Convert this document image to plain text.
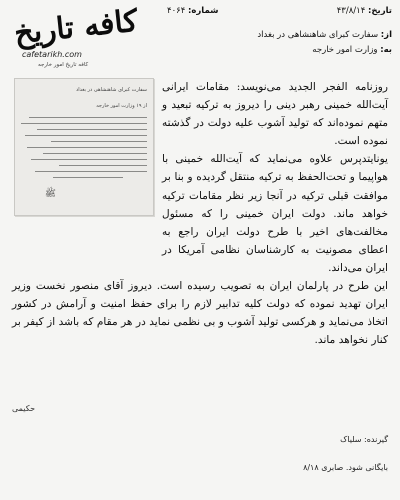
تاریخ: ۴۳/۸/۱۴
شماره: ۴۰۶۴
از: سفارت کبرای شاهنشاهی در بغداد
به: وزارت امور خارجه
کافه تاریخ
cafetarikh.com
کافه تاریخ امور خارجه
سفارت کبرای شاهنشاهی در بغداد
از ۱۹ وزارت امور خارجه
ﷺ

روزنامه الفجر الجدید می‌نویسد: مقامات ایرانی آیت‌الله خمینی رهبر دینی را دیروز به ترکیه تبعید و متهم نموده‌اند که تولید آشوب علیه دولت در گذشته نموده است.

یونایتدپرس علاوه می‌نماید که آیت‌الله خمینی با هواپیما و تحت‌الحفظ به ترکیه منتقل گردیده و بنا بر موافقت قبلی ترکیه در آنجا زیر نظر مقامات ترکیه خواهد ماند. دولت ایران خمینی را که مسئول مخالفت‌های اخیر با طرح دولت ایران راجع به اعطای مصونیت به کارشناسان نظامی آمریکا در ایران می‌داند.

این طرح در پارلمان ایران به تصویب رسیده است. دیروز آقای منصور نخست وزیر ایران تهدید نموده که دولت کلیه تدابیر لازم را برای حفظ امنیت و آرامش در کشور اتخاذ می‌نماید و هرکسی تولید آشوب و بی نظمی نماید در هر مقام که باشد از کیفر بر کنار نخواهد ماند.

حکیمی
گیرنده: سلیاک
بایگانی شود. صابری ۸/۱۸
